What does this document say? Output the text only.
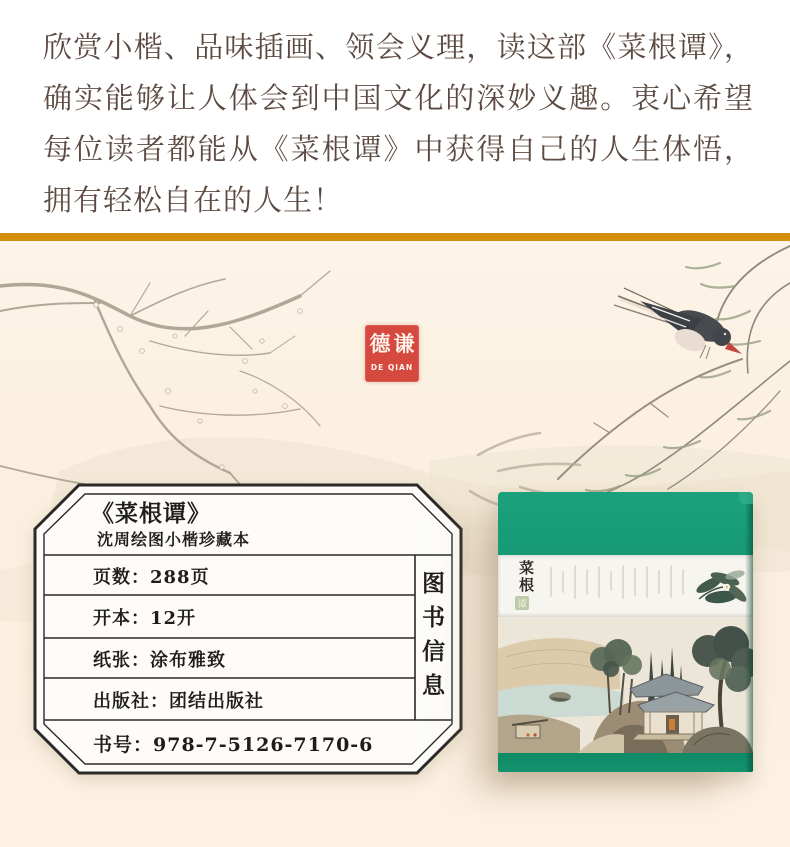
欣赏小楷、品味插画、领会义理，读这部《菜根谭》，确实能够让人体会到中国文化的深妙义趣。衷心希望每位读者都能从《菜根谭》中获得自己的人生体悟，拥有轻松自在的人生！

德 谦
DE QIAN
《菜根谭》
沈周绘图小楷珍藏本
页数：288页
开本：12开
纸张：涂布雅致
出版社：团结出版社
书号：978-7-5126-7170-6
图书信息	菜根
谭
